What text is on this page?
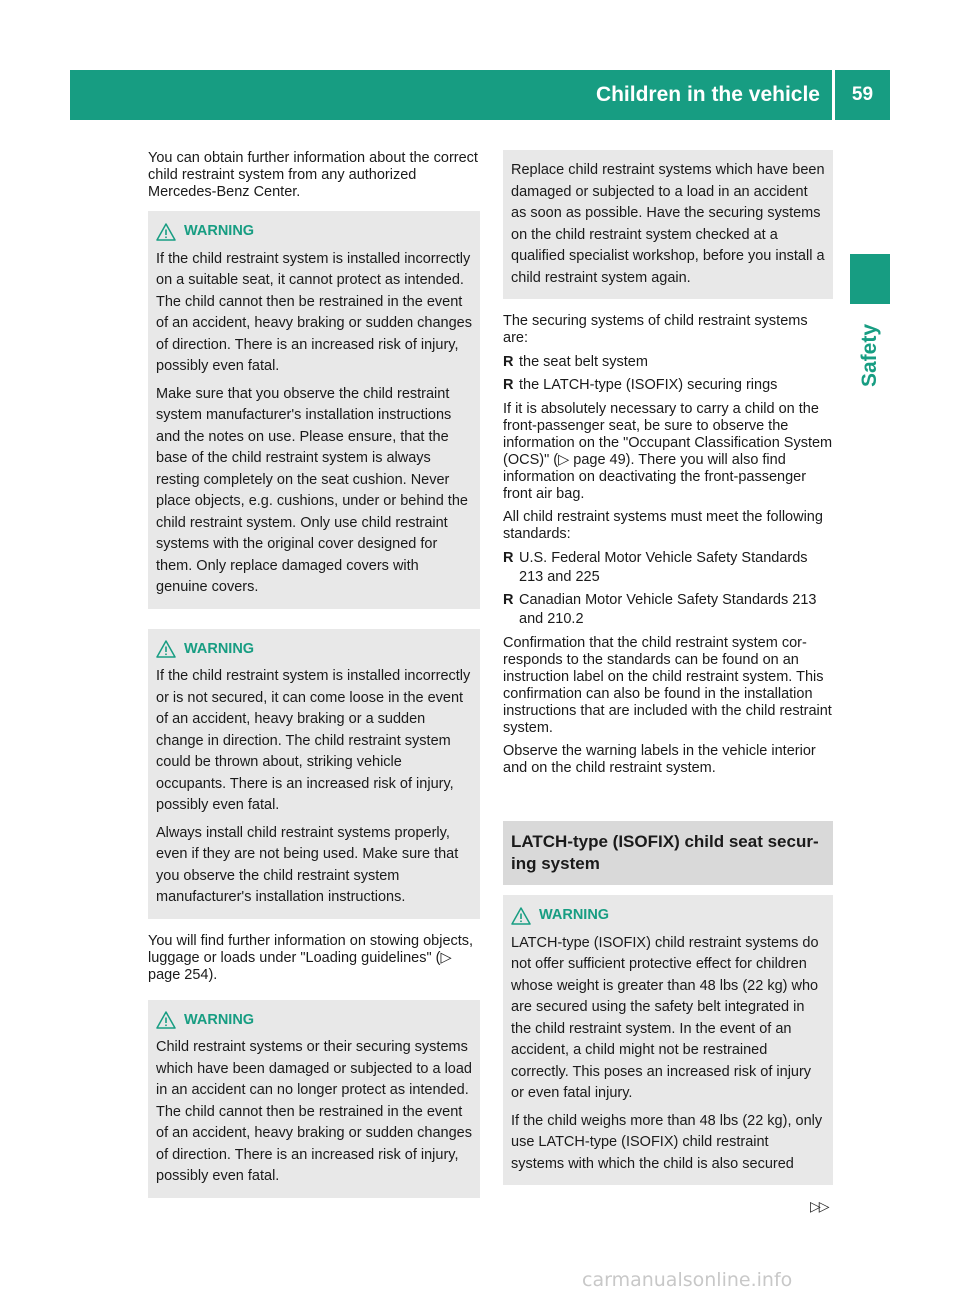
Children in the vehicle	59
Safety

You can obtain further information about the correct child restraint system from any authorized Mercedes-Benz Center.

WARNING

If the child restraint system is installed incorrectly on a suitable seat, it cannot protect as intended. The child cannot then be restrained in the event of an accident, heavy braking or sudden changes of direction. There is an increased risk of injury, possibly even fatal.

Make sure that you observe the child restraint system manufacturer's installation instructions and the notes on use. Please ensure, that the base of the child restraint system is always resting completely on the seat cushion. Never place objects, e.g. cushions, under or behind the child restraint system. Only use child restraint systems with the original cover designed for them. Only replace damaged covers with genuine covers.

WARNING

If the child restraint system is installed incorrectly or is not secured, it can come loose in the event of an accident, heavy braking or a sudden change in direction. The child restraint system could be thrown about, striking vehicle occupants. There is an increased risk of injury, possibly even fatal.

Always install child restraint systems properly, even if they are not being used. Make sure that you observe the child restraint system manufacturer's installation instructions.

You will find further information on stowing objects, luggage or loads under "Loading guidelines" (▷ page 254).

WARNING

Child restraint systems or their securing systems which have been damaged or subjected to a load in an accident can no longer protect as intended. The child cannot then be restrained in the event of an accident, heavy braking or sudden changes of direction. There is an increased risk of injury, possibly even fatal.

Replace child restraint systems which have been damaged or subjected to a load in an accident as soon as possible. Have the securing systems on the child restraint system checked at a qualified specialist workshop, before you install a child restraint system again.

The securing systems of child restraint systems are:

R the seat belt system
R the LATCH-type (ISOFIX) securing rings

If it is absolutely necessary to carry a child on the front-passenger seat, be sure to observe the information on the "Occupant Classification System (OCS)" (▷ page 49). There you will also find information on deactivating the front-passenger front air bag.

All child restraint systems must meet the following standards:

R U.S. Federal Motor Vehicle Safety Standards 213 and 225
R Canadian Motor Vehicle Safety Standards 213 and 210.2

Confirmation that the child restraint system corresponds to the standards can be found on an instruction label on the child restraint system. This confirmation can also be found in the installation instructions that are included with the child restraint system.

Observe the warning labels in the vehicle interior and on the child restraint system.

LATCH-type (ISOFIX) child seat securing system
WARNING

LATCH-type (ISOFIX) child restraint systems do not offer sufficient protective effect for children whose weight is greater than 48 lbs (22 kg) who are secured using the safety belt integrated in the child restraint system. In the event of an accident, a child might not be restrained correctly. This poses an increased risk of injury or even fatal injury.

If the child weighs more than 48 lbs (22 kg), only use LATCH-type (ISOFIX) child restraint systems with which the child is also secured

▷▷
carmanualsonline.info
